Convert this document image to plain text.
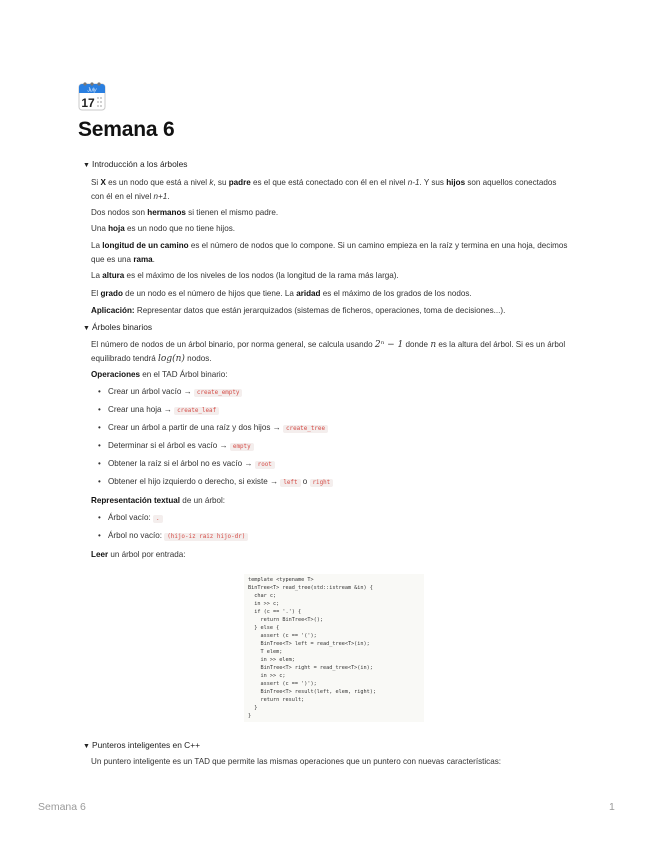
July
17
Semana 6
▼ Introducción a los árboles
Si X es un nodo que está a nivel k, su padre es el que está conectado con él en el nivel n-1. Y sus hijos son aquellos conectados con él en el nivel n+1.
Dos nodos son hermanos si tienen el mismo padre.
Una hoja es un nodo que no tiene hijos.
La longitud de un camino es el número de nodos que lo compone. Si un camino empieza en la raíz y termina en una hoja, decimos que es una rama.
La altura es el máximo de los niveles de los nodos (la longitud de la rama más larga).
El grado de un nodo es el número de hijos que tiene. La aridad es el máximo de los grados de los nodos.
Aplicación: Representar datos que están jerarquizados (sistemas de ficheros, operaciones, toma de decisiones...).
▼ Árboles binarios
El número de nodos de un árbol binario, por norma general, se calcula usando 2ⁿ − 1 donde n es la altura del árbol. Si es un árbol equilibrado tendrá log(n) nodos.
Operaciones en el TAD Árbol binario:
• Crear un árbol vacío → create_empty
• Crear una hoja → create_leaf
• Crear un árbol a partir de una raíz y dos hijos → create_tree
• Determinar si el árbol es vacío → empty
• Obtener la raíz si el árbol no es vacío → root
• Obtener el hijo izquierdo o derecho, si existe → left o right
Representación textual de un árbol:
• Árbol vacío: .
• Árbol no vacío: (hijo-iz raiz hijo-dr)
Leer un árbol por entrada:
template <typename T>
BinTree<T> read_tree(std::istream &in) {
char c;
in >> c;
if (c == '.') {
return BinTree<T>();
} else {
assert (c == '(');
BinTree<T> left = read_tree<T>(in);
T elem;
in >> elem;
BinTree<T> right = read_tree<T>(in);
in >> c;
assert (c == ')');
BinTree<T> result(left, elem, right);
return result;
}
}
▼ Punteros inteligentes en C++
Un puntero inteligente es un TAD que permite las mismas operaciones que un puntero con nuevas características:
Semana 6	1
